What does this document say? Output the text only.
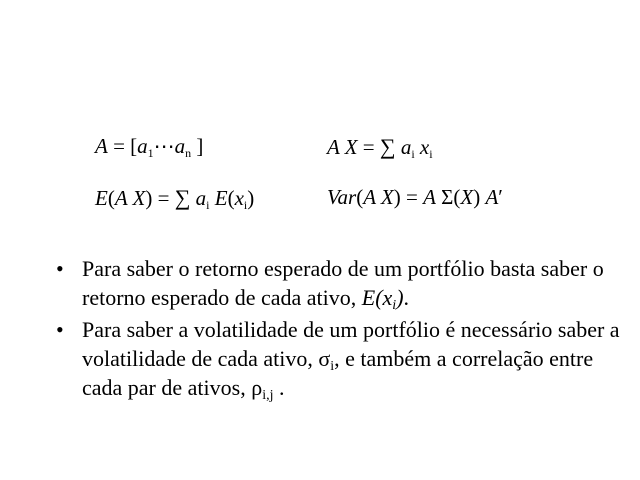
$A = [a_1\cdots a_n$ ]	A X = ∑ $a_i$ $x_i$
E(A X) = ∑ $a_i$ $E(x_i)$	Var(A X) = A Σ(X) A′
• Para saber o retorno esperado de um portfólio basta saber o retorno esperado de cada ativo, $E(x_i)$.
• Para saber a volatilidade de um portfólio é necessário saber a volatilidade de cada ativo, $\sigma_i$, e também a correlação entre cada par de ativos, $\rho_{i,j}$ .
